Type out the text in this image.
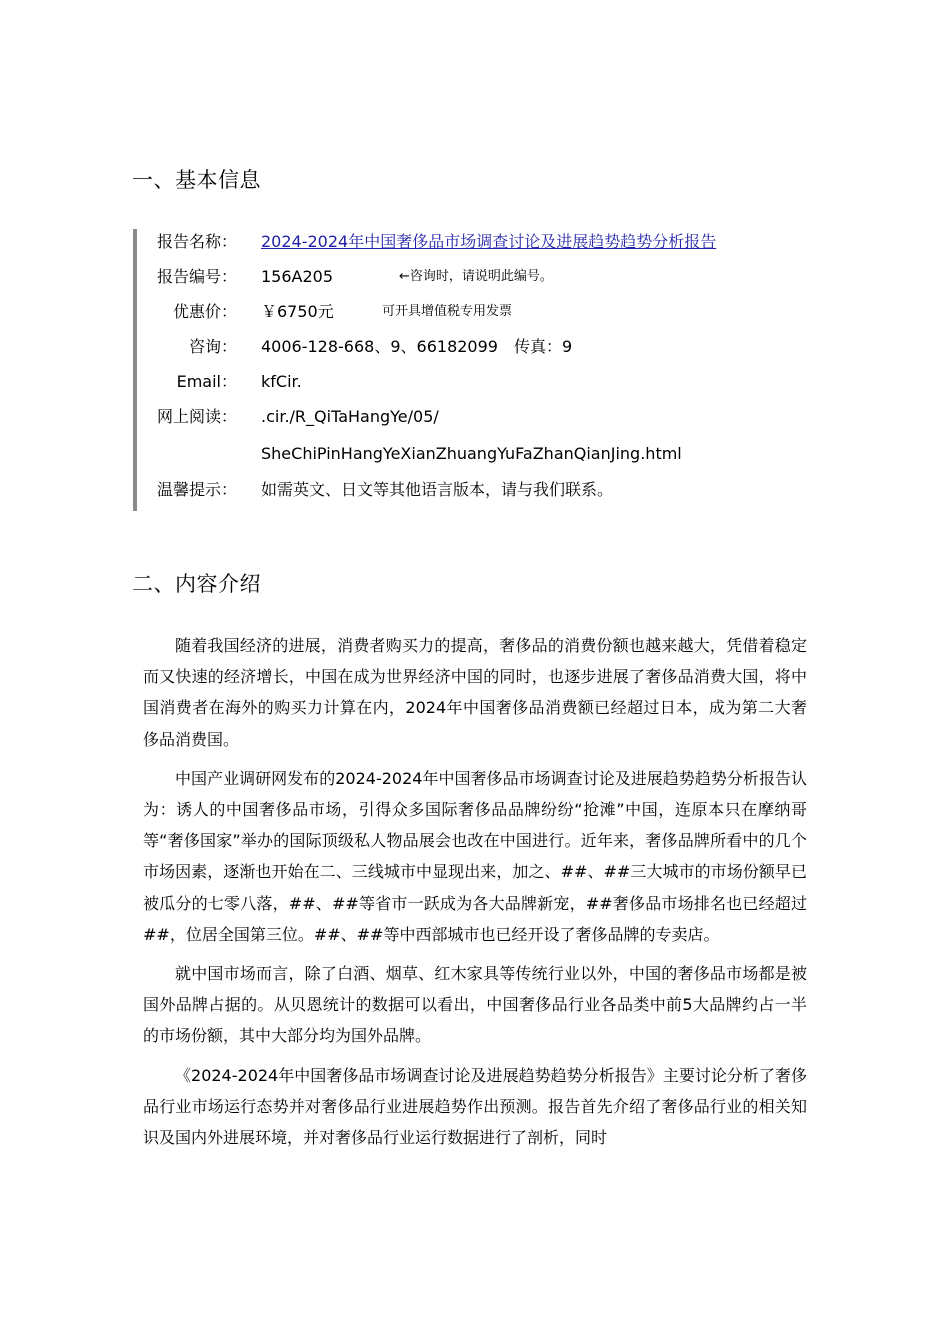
一、基本信息
报告名称： 2024-2024年中国奢侈品市场调查讨论及进展趋势趋势分析报告
报告编号： 156A205	←咨询时，请说明此编号。
优惠价： ￥6750元	可开具增值税专用发票
咨询： 4006-128-668、9、66182099　传真：9
Email： kfCir.
网上阅读： .cir./R_QiTaHangYe/05/
SheChiPinHangYeXianZhuangYuFaZhanQianJing.html
温馨提示： 如需英文、日文等其他语言版本，请与我们联系。
二、内容介绍

随着我国经济的进展，消费者购买力的提高，奢侈品的消费份额也越来越大，凭借着稳定而又快速的经济增长，中国在成为世界经济中国的同时，也逐步进展了奢侈品消费大国，将中国消费者在海外的购买力计算在内，2024年中国奢侈品消费额已经超过日本，成为第二大奢侈品消费国。

中国产业调研网发布的2024-2024年中国奢侈品市场调查讨论及进展趋势趋势分析报告认为：诱人的中国奢侈品市场，引得众多国际奢侈品品牌纷纷“抢滩”中国，连原本只在摩纳哥等“奢侈国家”举办的国际顶级私人物品展会也改在中国进行。近年来，奢侈品牌所看中的几个市场因素，逐渐也开始在二、三线城市中显现出来，加之、##、##三大城市的市场份额早已被瓜分的七零八落，##、##等省市一跃成为各大品牌新宠，##奢侈品市场排名也已经超过##，位居全国第三位。##、##等中西部城市也已经开设了奢侈品牌的专卖店。

就中国市场而言，除了白酒、烟草、红木家具等传统行业以外，中国的奢侈品市场都是被国外品牌占据的。从贝恩统计的数据可以看出，中国奢侈品行业各品类中前5大品牌约占一半的市场份额，其中大部分均为国外品牌。

《2024-2024年中国奢侈品市场调查讨论及进展趋势趋势分析报告》主要讨论分析了奢侈品行业市场运行态势并对奢侈品行业进展趋势作出预测。报告首先介绍了奢侈品行业的相关知识及国内外进展环境，并对奢侈品行业运行数据进行了剖析，同时
